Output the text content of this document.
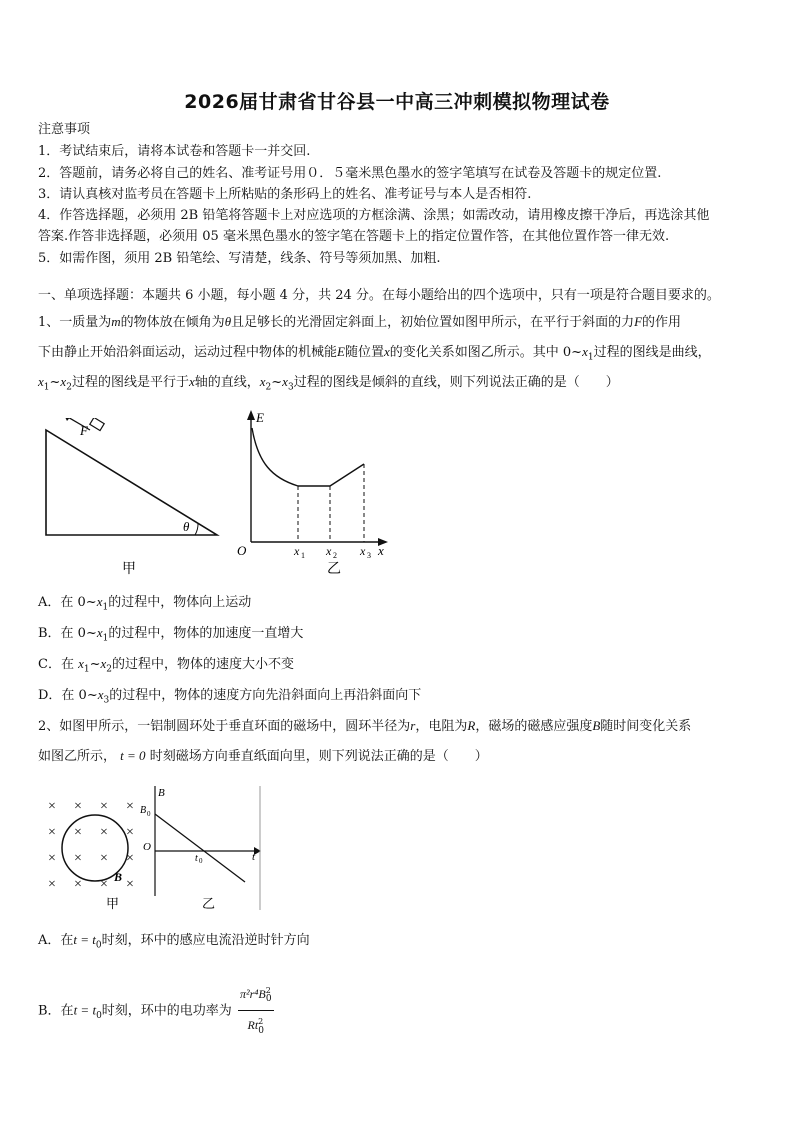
2026届甘肃省甘谷县一中高三冲刺模拟物理试卷
注意事项
1．考试结束后，请将本试卷和答题卡一并交回.
2．答题前，请务必将自己的姓名、准考证号用０．５毫米黑色墨水的签字笔填写在试卷及答题卡的规定位置.
3．请认真核对监考员在答题卡上所粘贴的条形码上的姓名、准考证号与本人是否相符.
4．作答选择题，必须用 2B 铅笔将答题卡上对应选项的方框涂满、涂黑；如需改动，请用橡皮擦干净后，再选涂其他
答案.作答非选择题，必须用 05 毫米黑色墨水的签字笔在答题卡上的指定位置作答，在其他位置作答一律无效.
5．如需作图，须用 2B 铅笔绘、写清楚，线条、符号等须加黑、加粗.
一、单项选择题：本题共 6 小题，每小题 4 分，共 24 分。在每小题给出的四个选项中，只有一项是符合题目要求的。
1、一质量为m的物体放在倾角为θ且足够长的光滑固定斜面上，初始位置如图甲所示，在平行于斜面的力F的作用
下由静止开始沿斜面运动，运动过程中物体的机械能E随位置x的变化关系如图乙所示。其中 $0\sim x_1$过程的图线是曲线，
$x_1\sim x_2$过程的图线是平行于x轴的直线，$x_2\sim x_3$过程的图线是倾斜的直线，则下列说法正确的是（　　）
F
θ
甲
E
O	x
x 1 x 2 x 3
乙
A．在 $0\sim x_1$的过程中，物体向上运动
B．在 $0\sim x_1$的过程中，物体的加速度一直增大
C．在 $x_1\sim x_2$的过程中，物体的速度大小不变
D．在 $0\sim x_3$的过程中，物体的速度方向先沿斜面向上再沿斜面向下
2、如图甲所示，一铝制圆环处于垂直环面的磁场中，圆环半径为r，电阻为R，磁场的磁感应强度B随时间变化关系
如图乙所示， t = 0 时刻磁场方向垂直纸面向里，则下列说法正确的是（　　）
× × × ×
× × × ×
× × × ×
× × × ×
B
甲
B
B 0
O
t
t 0
乙
A．在$t = t_0$时刻，环中的感应电流沿逆时针方向
B．在$t = t_0$时刻，环中的电功率为 $\frac{\pi^2r^4B^2_0}{Rt^2_0}$
